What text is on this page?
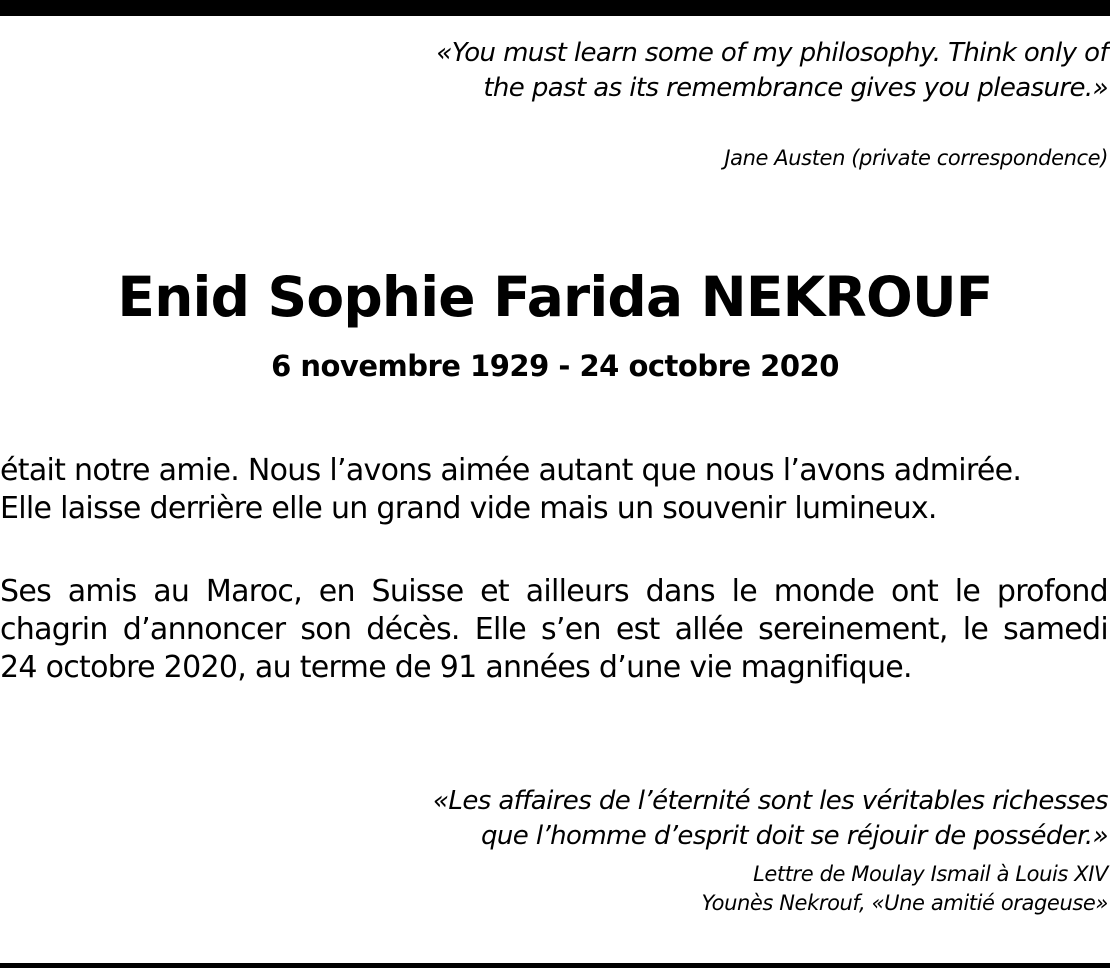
«You must learn some of my philosophy. Think only of
the past as its remembrance gives you pleasure.»
Jane Austen (private correspondence)
Enid Sophie Farida NEKROUF
6 novembre 1929 - 24 octobre 2020
était notre amie. Nous l’avons aimée autant que nous l’avons admirée.
Elle laisse derrière elle un grand vide mais un souvenir lumineux.
Ses amis au Maroc, en Suisse et ailleurs dans le monde ont le profond
chagrin d’annoncer son décès. Elle s’en est allée sereinement, le samedi
24 octobre 2020, au terme de 91 années d’une vie magnifique.
«Les affaires de l’éternité sont les véritables richesses
que l’homme d’esprit doit se réjouir de posséder.»
Lettre de Moulay Ismail à Louis XIV
Younès Nekrouf, «Une amitié orageuse»
